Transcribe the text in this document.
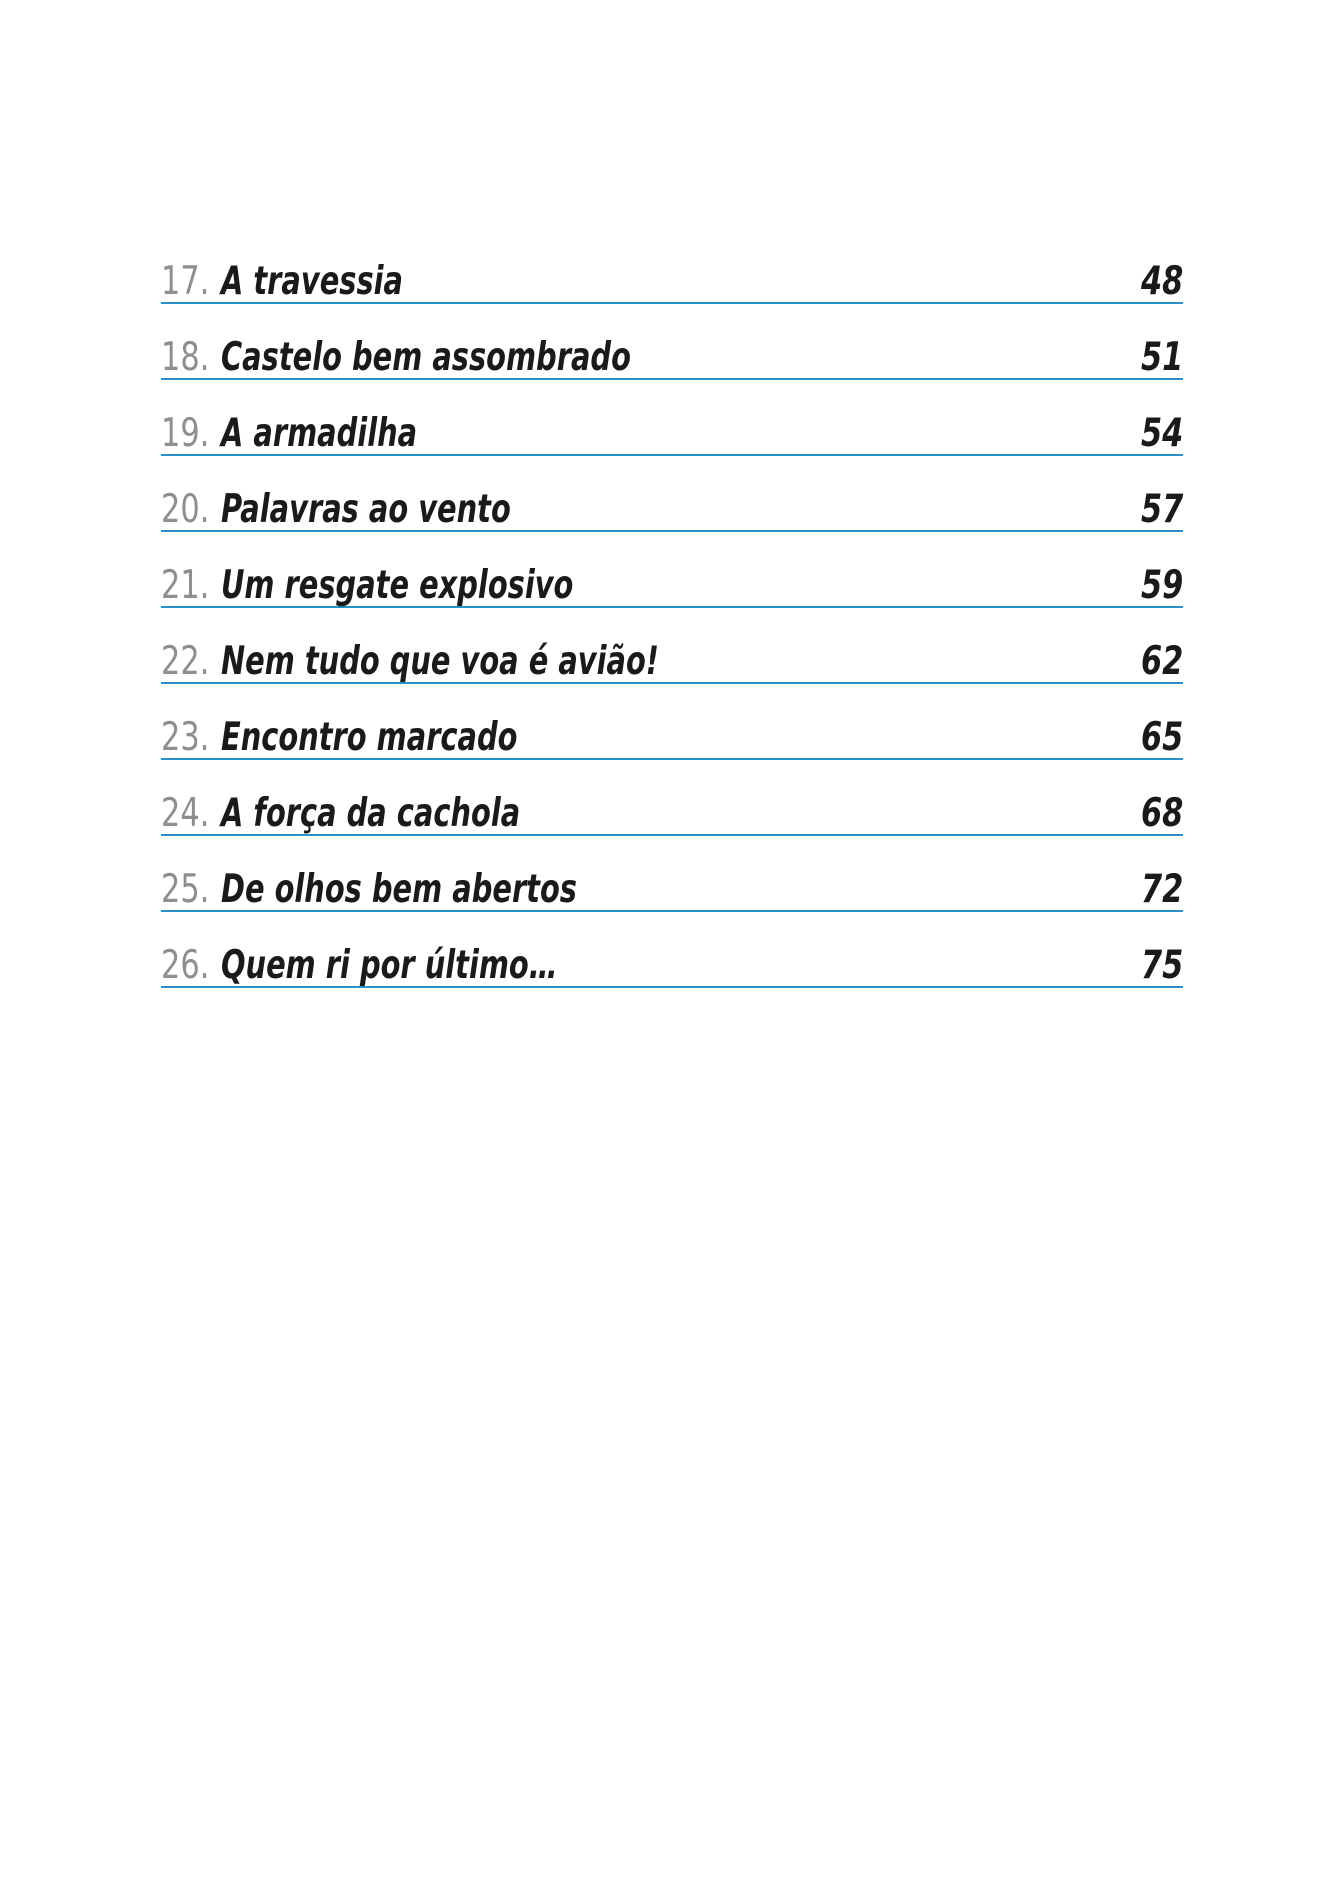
17. A travessia	48
18. Castelo bem assombrado	51
19. A armadilha	54
20. Palavras ao vento	57
21. Um resgate explosivo	59
22. Nem tudo que voa é avião!	62
23. Encontro marcado	65
24. A força da cachola	68
25. De olhos bem abertos	72
26. Quem ri por último…	75
